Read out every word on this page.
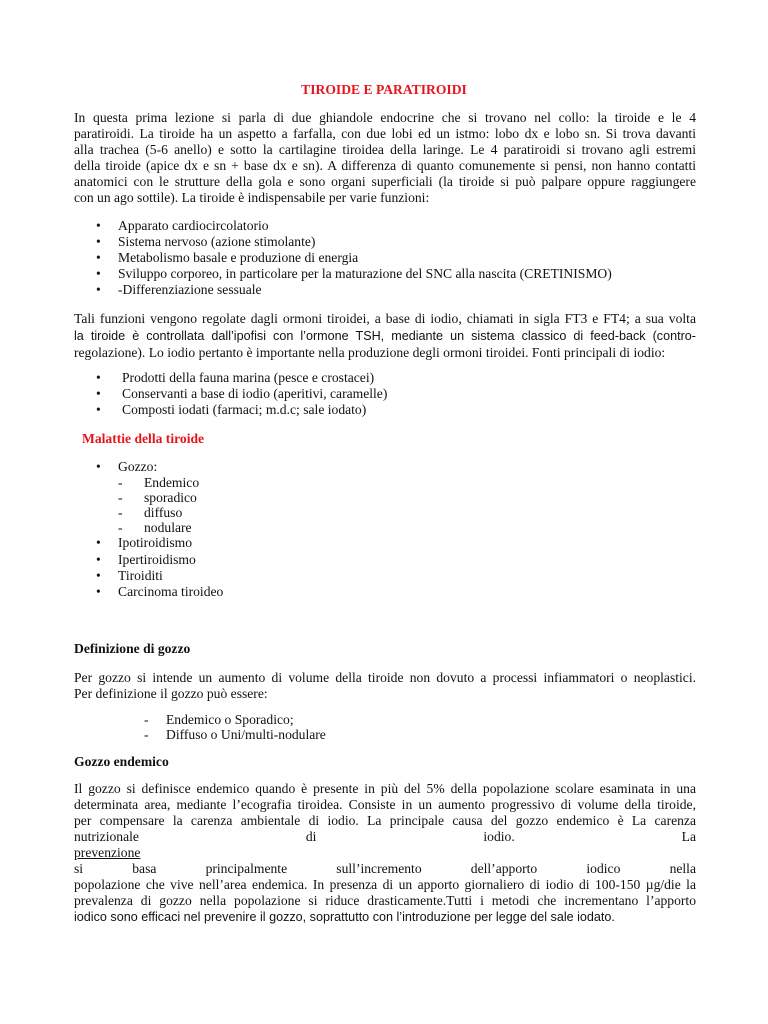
TIROIDE E PARATIROIDI

In questa prima lezione si parla di due ghiandole endocrine che si trovano nel collo: la tiroide e le 4
paratiroidi. La tiroide ha un aspetto a farfalla, con due lobi ed un istmo: lobo dx e lobo sn. Si trova davanti
alla trachea (5-6 anello) e sotto la cartilagine tiroidea della laringe. Le 4 paratiroidi si trovano agli estremi
della tiroide (apice dx e sn + base dx e sn). A differenza di quanto comunemente si pensi, non hanno contatti
anatomici con le strutture della gola e sono organi superficiali (la tiroide si può palpare oppure raggiungere
con un ago sottile). La tiroide è indispensabile per varie funzioni:

• Apparato cardiocircolatorio
• Sistema nervoso (azione stimolante)
• Metabolismo basale e produzione di energia
• Sviluppo corporeo, in particolare per la maturazione del SNC alla nascita (CRETINISMO)
• -Differenziazione sessuale

Tali funzioni vengono regolate dagli ormoni tiroidei, a base di iodio, chiamati in sigla FT3 e FT4; a sua volta
la tiroide è controllata dall’ipofisi con l’ormone TSH, mediante un sistema classico di feed-back (contro-
regolazione). Lo iodio pertanto è importante nella produzione degli ormoni tiroidei. Fonti principali di iodio:

• Prodotti della fauna marina (pesce e crostacei)
• Conservanti a base di iodio (aperitivi, caramelle)
• Composti iodati (farmaci; m.d.c; sale iodato)
Malattie della tiroide
• Gozzo:
- Endemico
- sporadico
- diffuso
- nodulare
• Ipotiroidismo
• Ipertiroidismo
• Tiroiditi
• Carcinoma tiroideo
Definizione di gozzo

Per gozzo si intende un aumento di volume della tiroide non dovuto a processi infiammatori o neoplastici.
Per definizione il gozzo può essere:

- Endemico o Sporadico;
- Diffuso o Uni/multi-nodulare
Gozzo endemico

Il gozzo si definisce endemico quando è presente in più del 5% della popolazione scolare esaminata in una
determinata area, mediante l’ecografia tiroidea. Consiste in un aumento progressivo di volume della tiroide,
per compensare la carenza ambientale di iodio. La principale causa del gozzo endemico è La carenza
nutrizionale di iodio. La
prevenzione
si basa principalmente sull’incremento dell’apporto iodico nella
popolazione che vive nell’area endemica. In presenza di un apporto giornaliero di iodio di 100-150 µg/die la
prevalenza di gozzo nella popolazione si riduce drasticamente.Tutti i metodi che incrementano l’apporto
iodico sono efficaci nel prevenire il gozzo, soprattutto con l’introduzione per legge del sale iodato.
